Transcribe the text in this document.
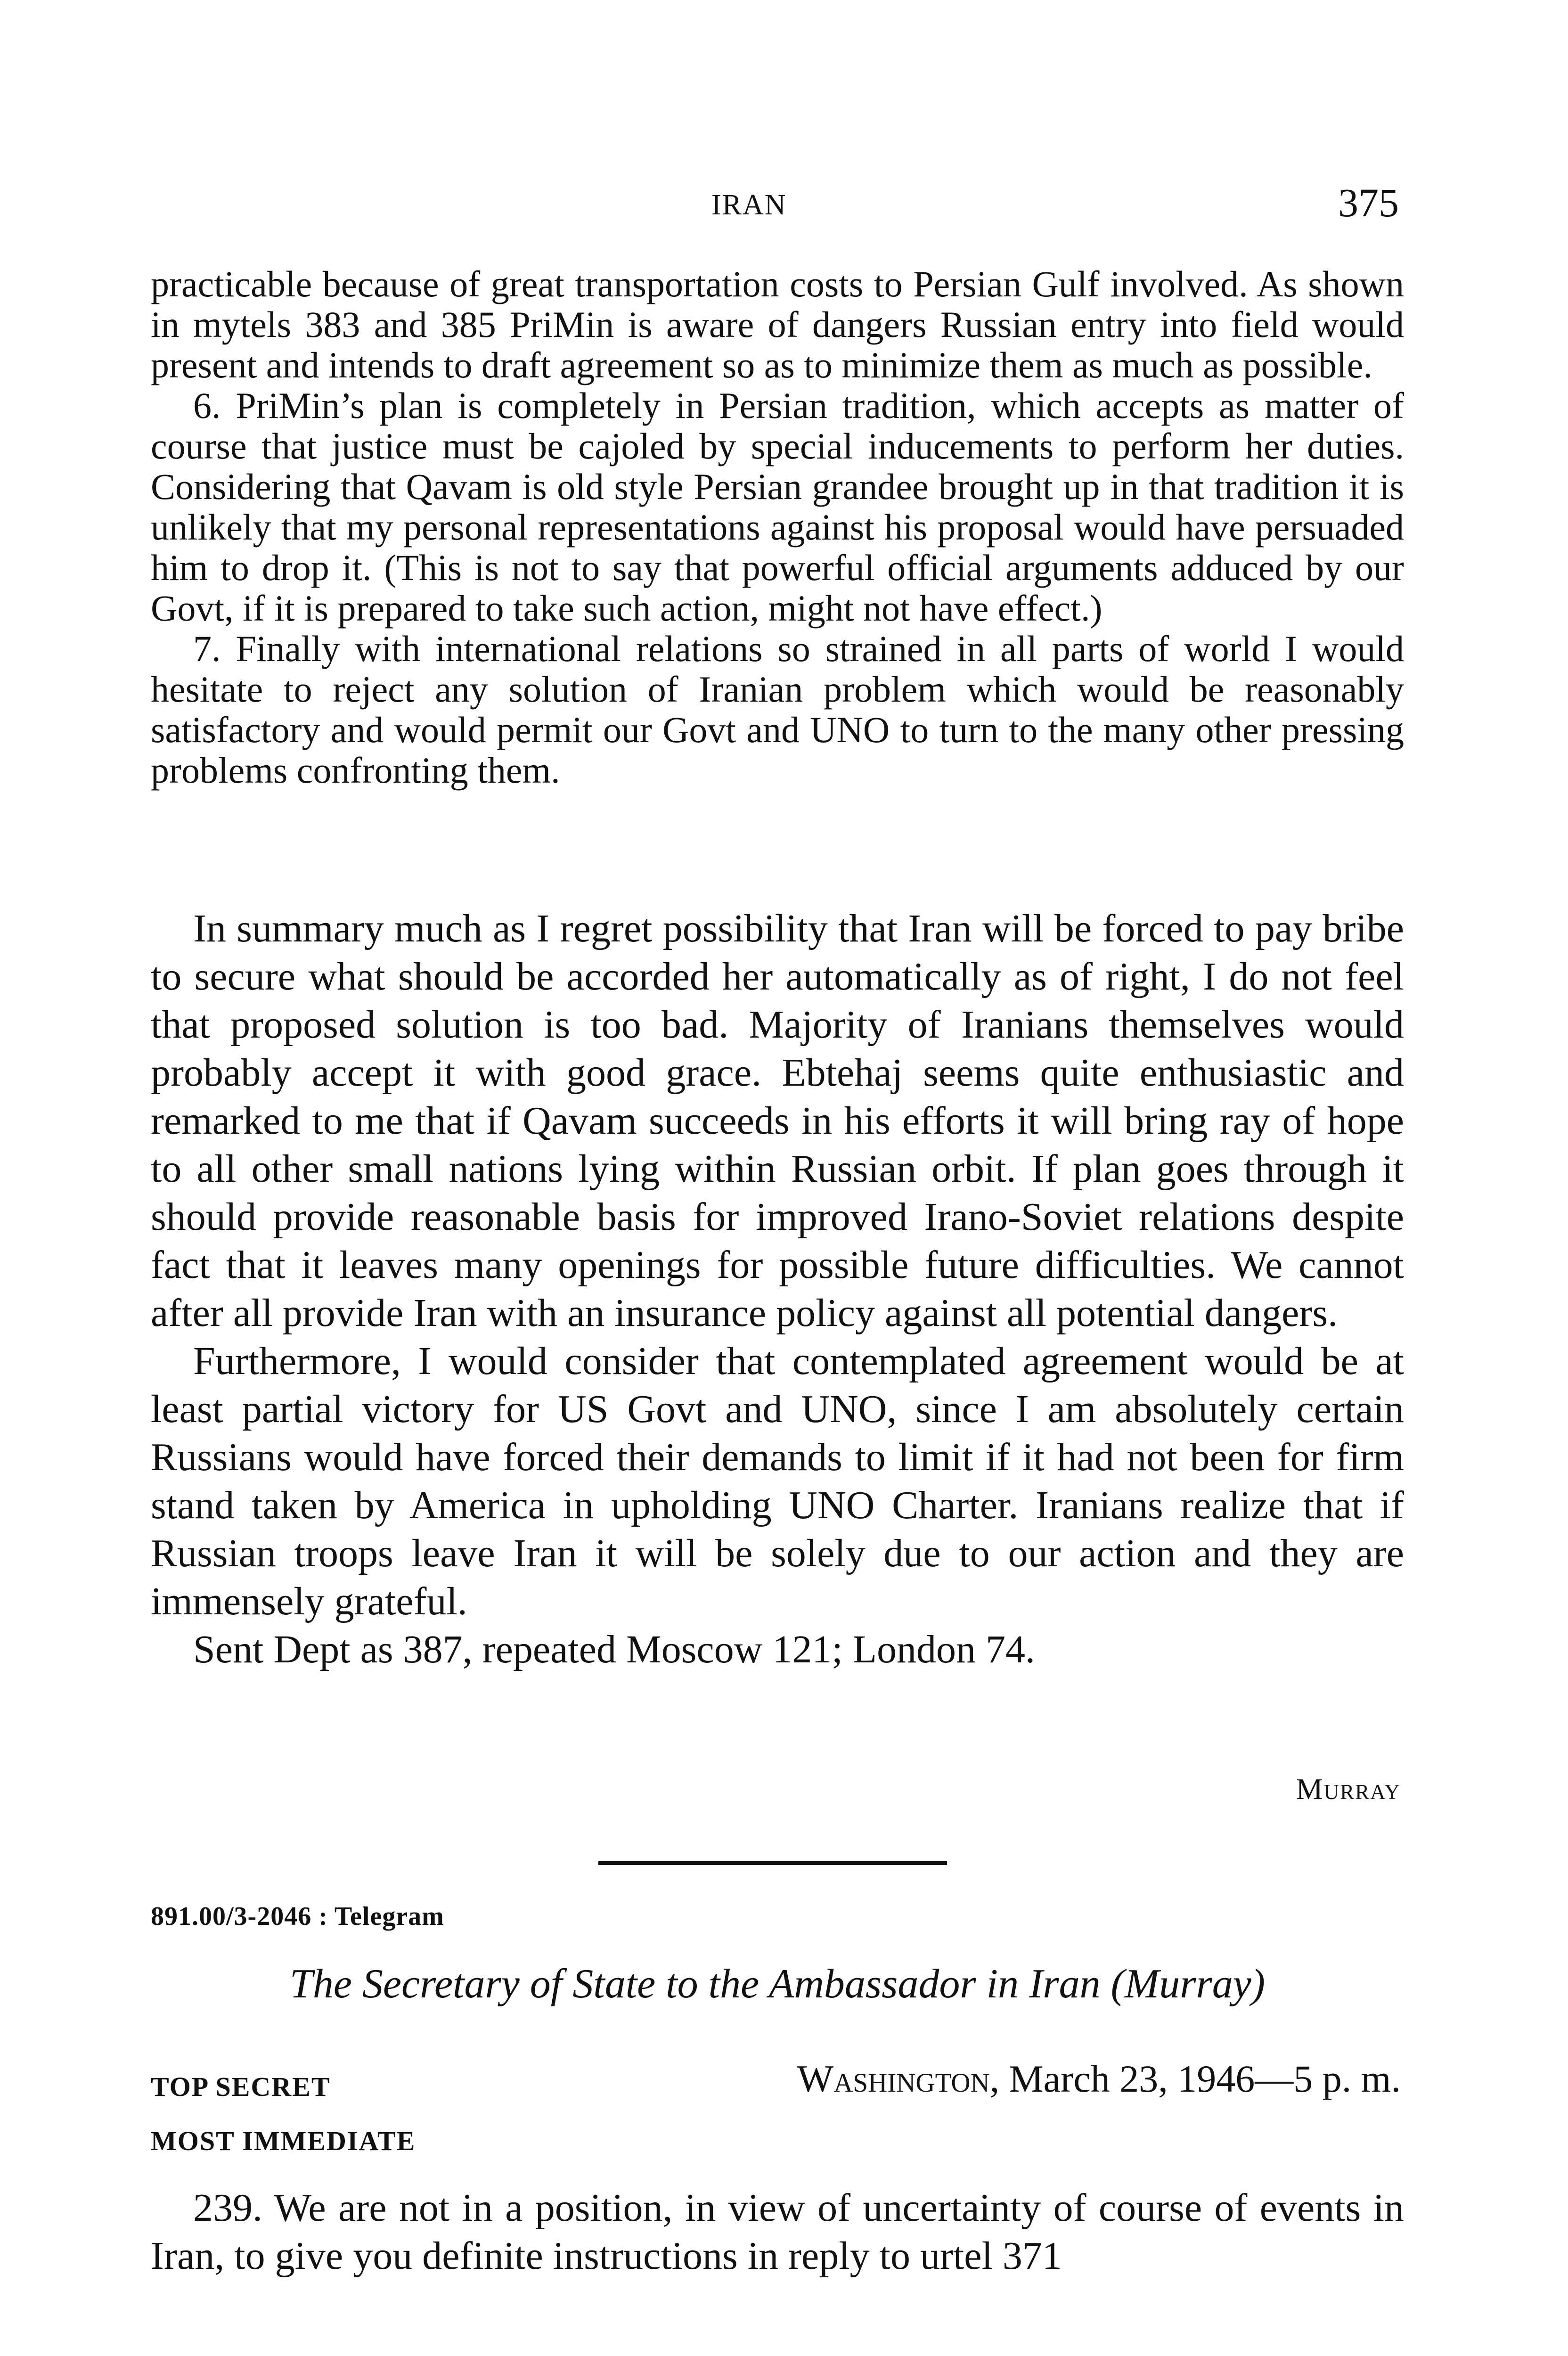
IRAN	375

practicable because of great transportation costs to Persian Gulf involved. As shown in mytels 383 and 385 PriMin is aware of dangers Russian entry into field would present and intends to draft agreement so as to minimize them as much as possible.

6. PriMin’s plan is completely in Persian tradition, which accepts as matter of course that justice must be cajoled by special inducements to perform her duties. Considering that Qavam is old style Persian grandee brought up in that tradition it is unlikely that my personal representations against his proposal would have persuaded him to drop it. (This is not to say that powerful official arguments adduced by our Govt, if it is prepared to take such action, might not have effect.)

7. Finally with international relations so strained in all parts of world I would hesitate to reject any solution of Iranian problem which would be reasonably satisfactory and would permit our Govt and UNO to turn to the many other pressing problems confronting them.

In summary much as I regret possibility that Iran will be forced to pay bribe to secure what should be accorded her automatically as of right, I do not feel that proposed solution is too bad. Majority of Iranians themselves would probably accept it with good grace. Ebtehaj seems quite enthusiastic and remarked to me that if Qavam succeeds in his efforts it will bring ray of hope to all other small nations lying within Russian orbit. If plan goes through it should provide reasonable basis for improved Irano-Soviet relations despite fact that it leaves many openings for possible future difficulties. We cannot after all provide Iran with an insurance policy against all potential dangers.

Furthermore, I would consider that contemplated agreement would be at least partial victory for US Govt and UNO, since I am absolutely certain Russians would have forced their demands to limit if it had not been for firm stand taken by America in upholding UNO Charter. Iranians realize that if Russian troops leave Iran it will be solely due to our action and they are immensely grateful.

Sent Dept as 387, repeated Moscow 121; London 74.

Murray
891.00/3-2046 : Telegram
The Secretary of State to the Ambassador in Iran (Murray)
TOP SECRET
MOST IMMEDIATE
Washington, March 23, 1946—5 p. m.

239. We are not in a position, in view of uncertainty of course of events in Iran, to give you definite instructions in reply to urtel 371
